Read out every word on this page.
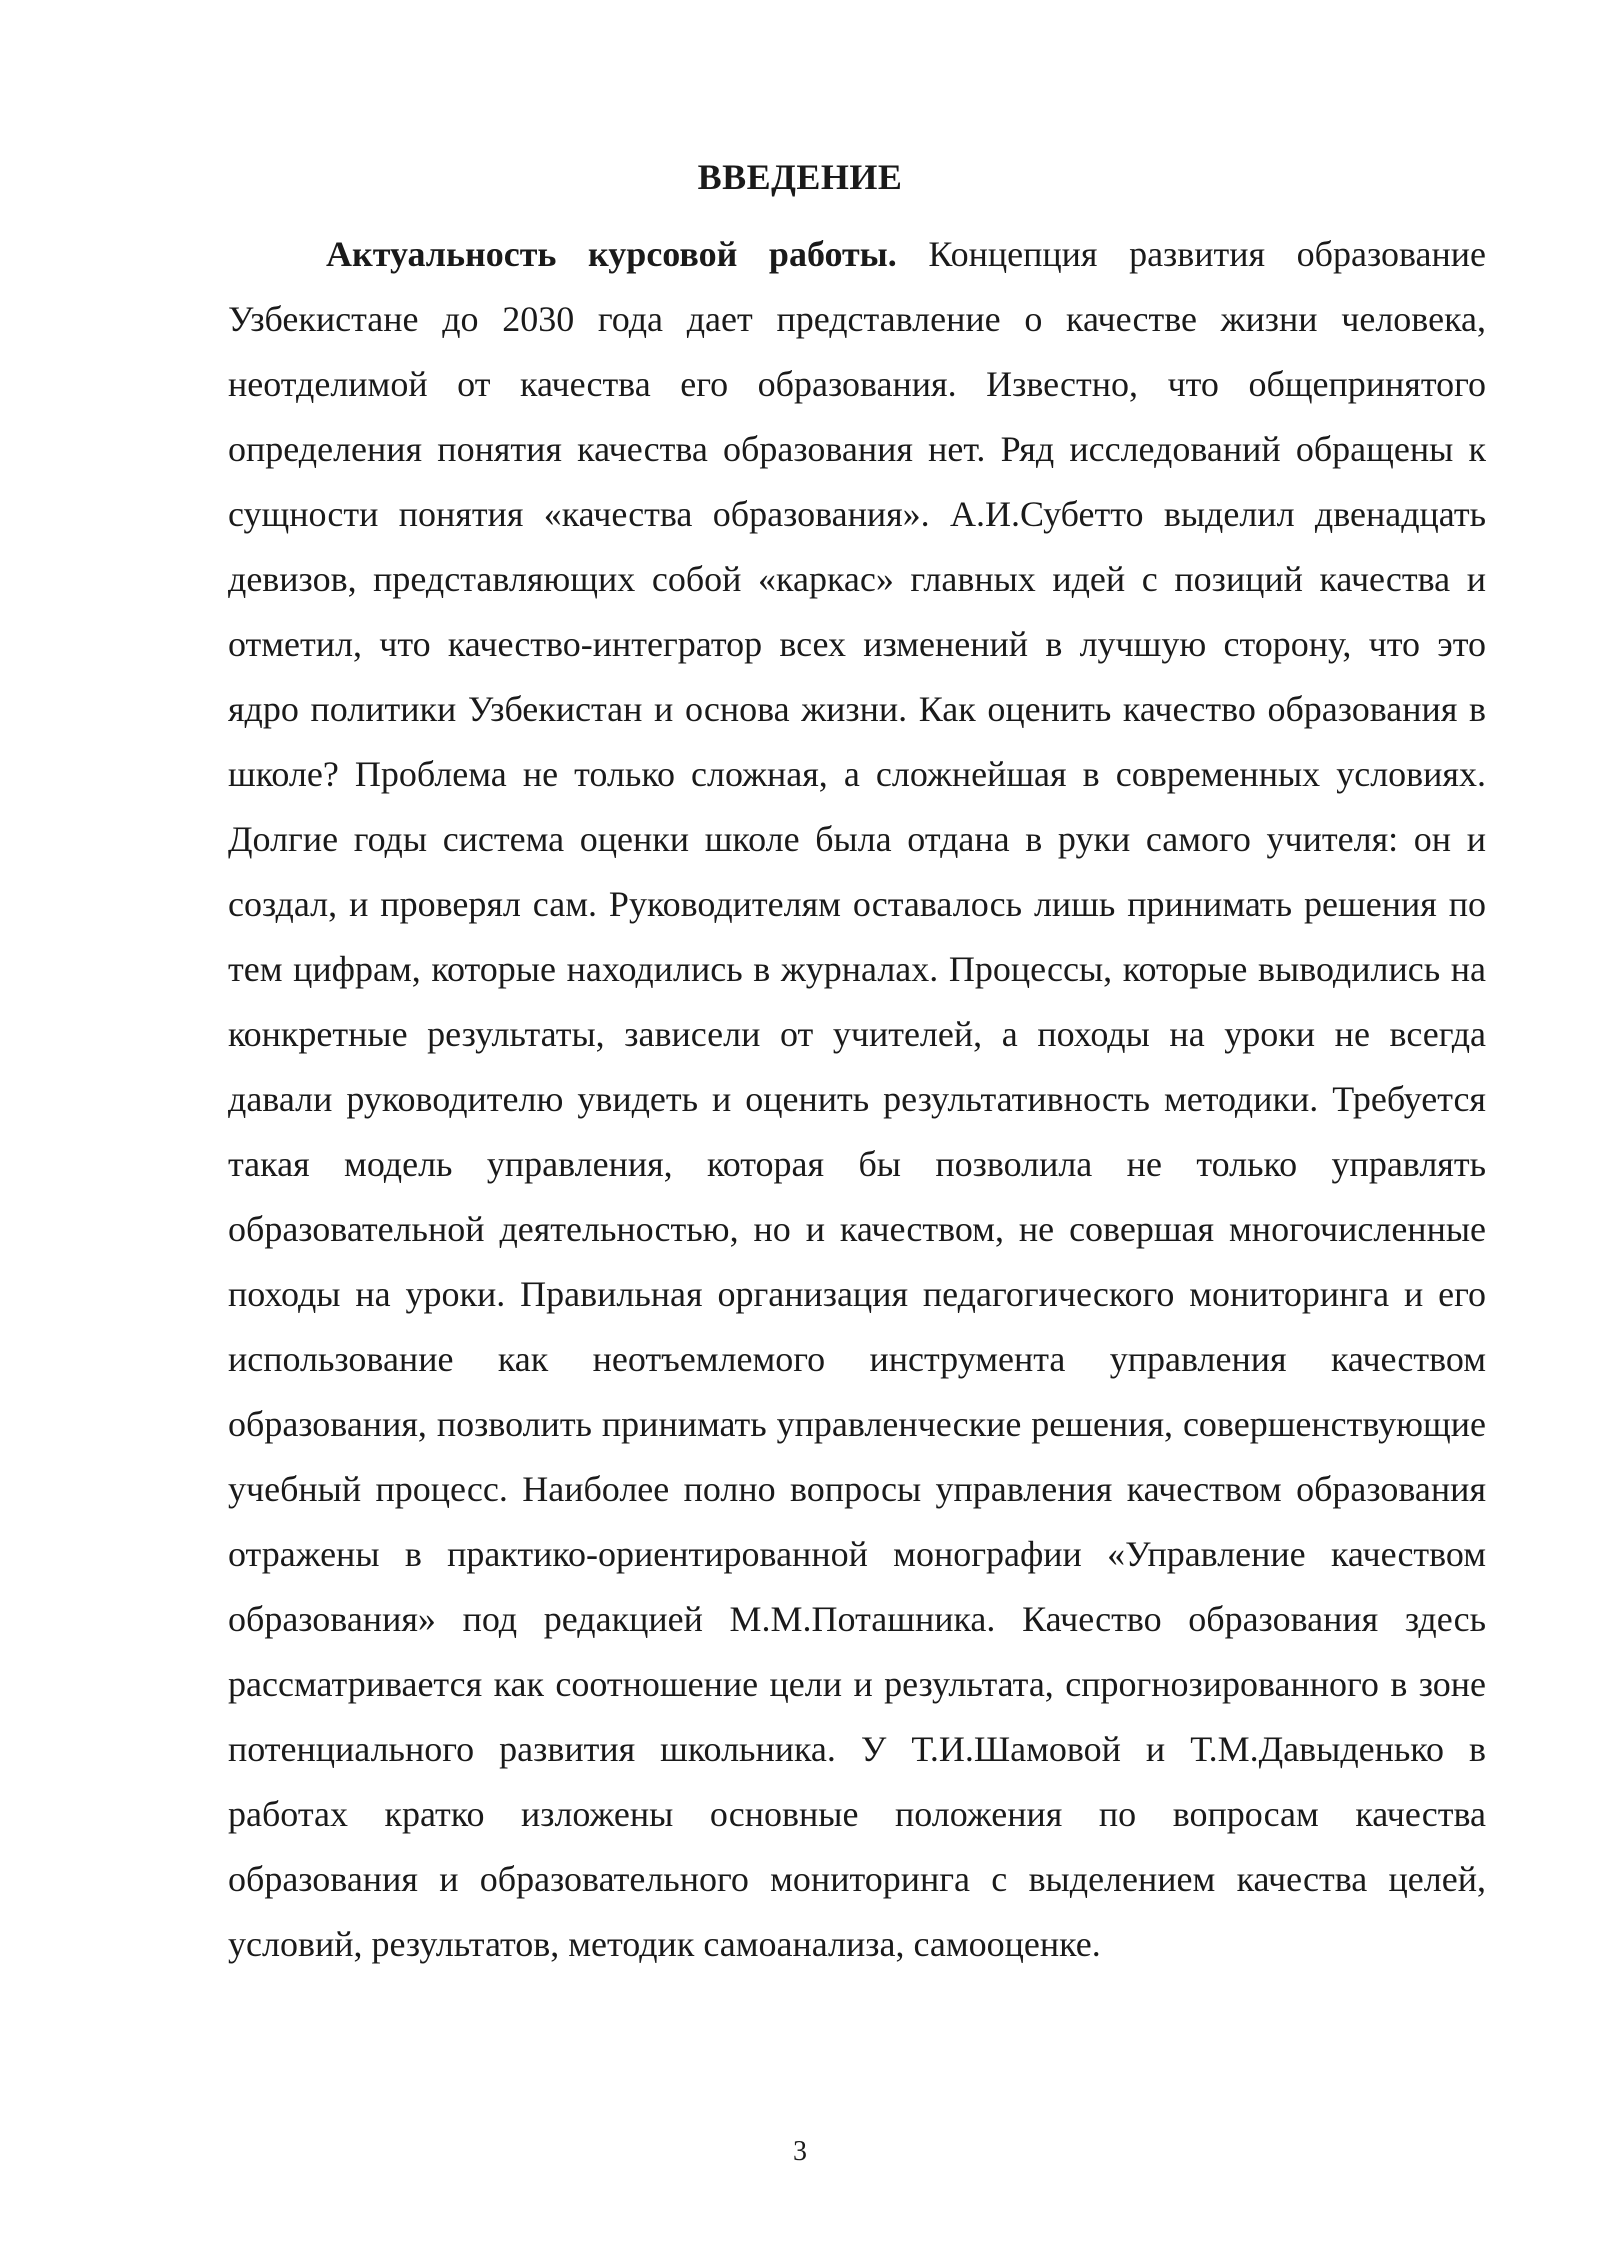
ВВЕДЕНИЕ

Актуальность курсовой работы. Концепция развития образование Узбекистане до 2030 года дает представление о качестве жизни человека, неотделимой от качества его образования. Известно, что общепринятого определения понятия качества образования нет. Ряд исследований обращены к сущности понятия «качества образования». А.И.Субетто выделил двенадцать девизов, представляющих собой «каркас» главных идей с позиций качества и отметил, что качество-интегратор всех изменений в лучшую сторону, что это ядро политики Узбекистан и основа жизни. Как оценить качество образования в школе? Проблема не только сложная, а сложнейшая в современных условиях. Долгие годы система оценки школе была отдана в руки самого учителя: он и создал, и проверял сам. Руководителям оставалось лишь принимать решения по тем цифрам, которые находились в журналах. Процессы, которые выводились на конкретные результаты, зависели от учителей, а походы на уроки не всегда давали руководителю увидеть и оценить результативность методики. Требуется такая модель управления, которая бы позволила не только управлять образовательной деятельностью, но и качеством, не совершая многочисленные походы на уроки. Правильная организация педагогического мониторинга и его использование как неотъемлемого инструмента управления качеством образования, позволить принимать управленческие решения, совершенствующие учебный процесс. Наиболее полно вопросы управления качеством образования отражены в практико-ориентированной монографии «Управление качеством образования» под редакцией М.М.Поташника. Качество образования здесь рассматривается как соотношение цели и результата, спрогнозированного в зоне потенциального развития школьника. У Т.И.Шамовой и Т.М.Давыденько в работах кратко изложены основные положения по вопросам качества образования и образовательного мониторинга с выделением качества целей, условий, результатов, методик самоанализа, самооценке.

3
